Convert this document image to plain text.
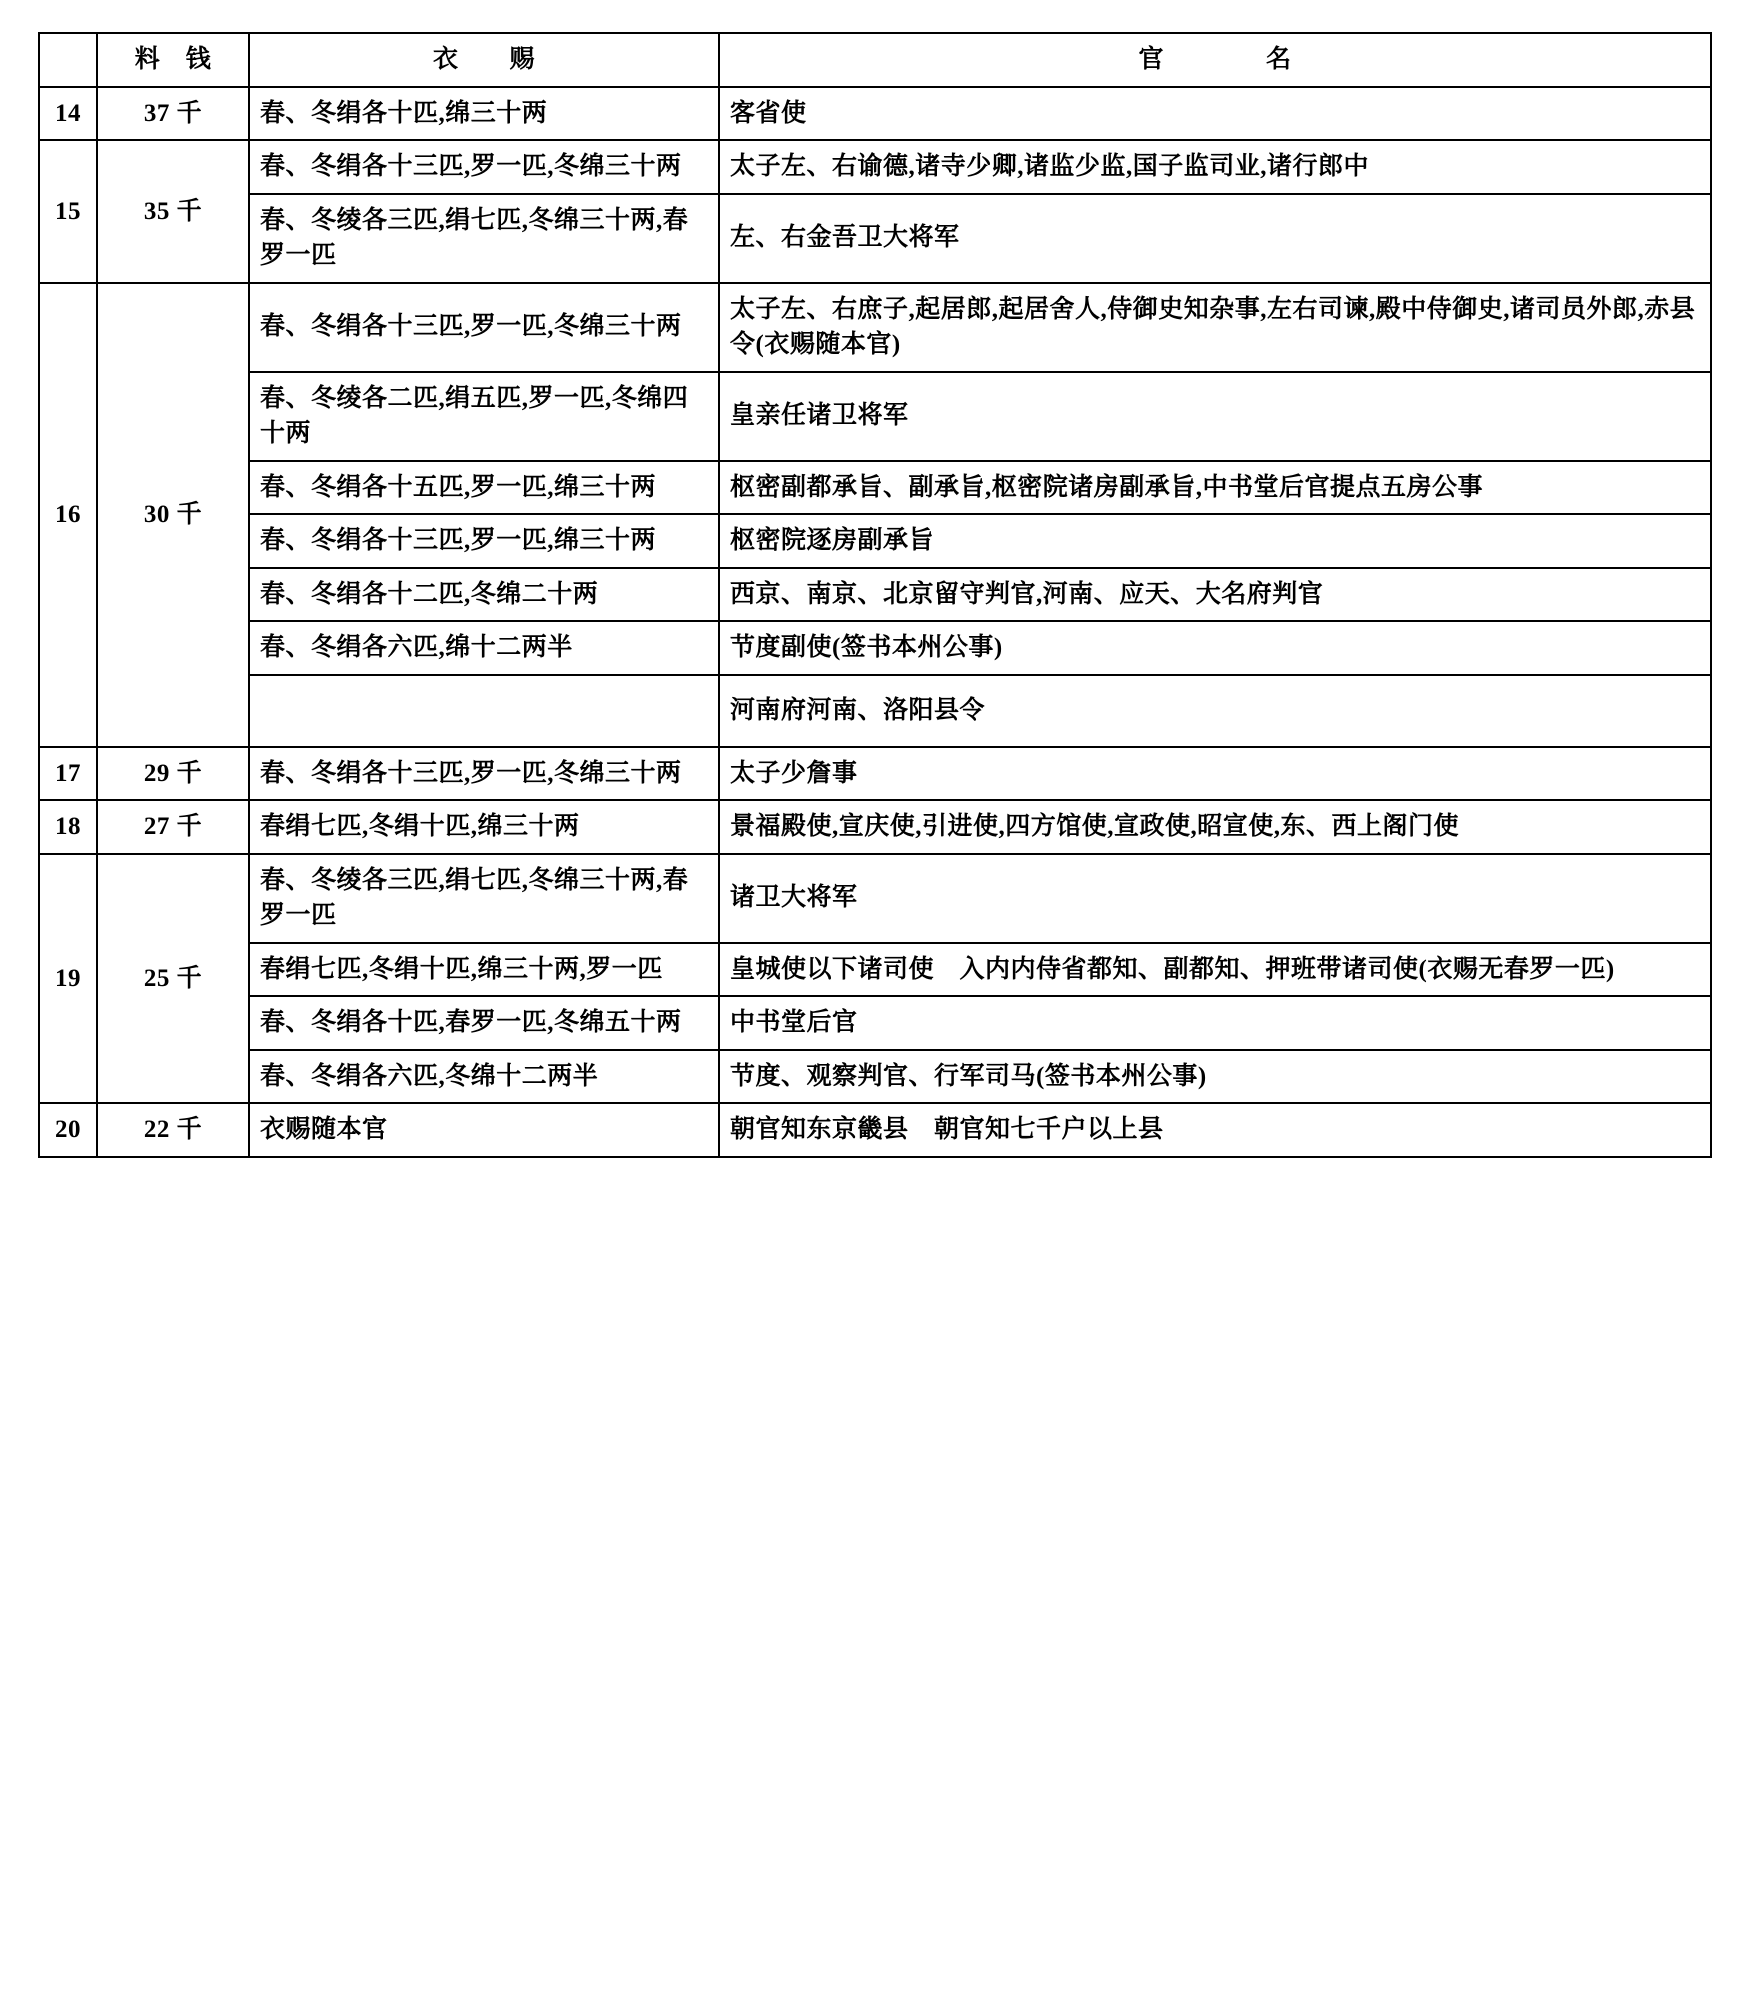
	料　钱	衣　　赐	官　　　　名
14	37 千	春、冬绢各十匹,绵三十两	客省使
15	35 千	春、冬绢各十三匹,罗一匹,冬绵三十两	太子左、右谕德,诸寺少卿,诸监少监,国子监司业,诸行郎中
		春、冬绫各三匹,绢七匹,冬绵三十两,春罗一匹	左、右金吾卫大将军
16	30 千	春、冬绢各十三匹,罗一匹,冬绵三十两	太子左、右庶子,起居郎,起居舍人,侍御史知杂事,左右司谏,殿中侍御史,诸司员外郎,赤县令(衣赐随本官)
		春、冬绫各二匹,绢五匹,罗一匹,冬绵四十两	皇亲任诸卫将军
		春、冬绢各十五匹,罗一匹,绵三十两	枢密副都承旨、副承旨,枢密院诸房副承旨,中书堂后官提点五房公事
		春、冬绢各十三匹,罗一匹,绵三十两	枢密院逐房副承旨
		春、冬绢各十二匹,冬绵二十两	西京、南京、北京留守判官,河南、应天、大名府判官
		春、冬绢各六匹,绵十二两半	节度副使(签书本州公事)
			河南府河南、洛阳县令
17	29 千	春、冬绢各十三匹,罗一匹,冬绵三十两	太子少詹事
18	27 千	春绢七匹,冬绢十匹,绵三十两	景福殿使,宣庆使,引进使,四方馆使,宣政使,昭宣使,东、西上阁门使
19	25 千	春、冬绫各三匹,绢七匹,冬绵三十两,春罗一匹	诸卫大将军
		春绢七匹,冬绢十匹,绵三十两,罗一匹	皇城使以下诸司使　入内内侍省都知、副都知、押班带诸司使(衣赐无春罗一匹)
		春、冬绢各十匹,春罗一匹,冬绵五十两	中书堂后官
		春、冬绢各六匹,冬绵十二两半	节度、观察判官、行军司马(签书本州公事)
20	22 千	衣赐随本官	朝官知东京畿县　朝官知七千户以上县
